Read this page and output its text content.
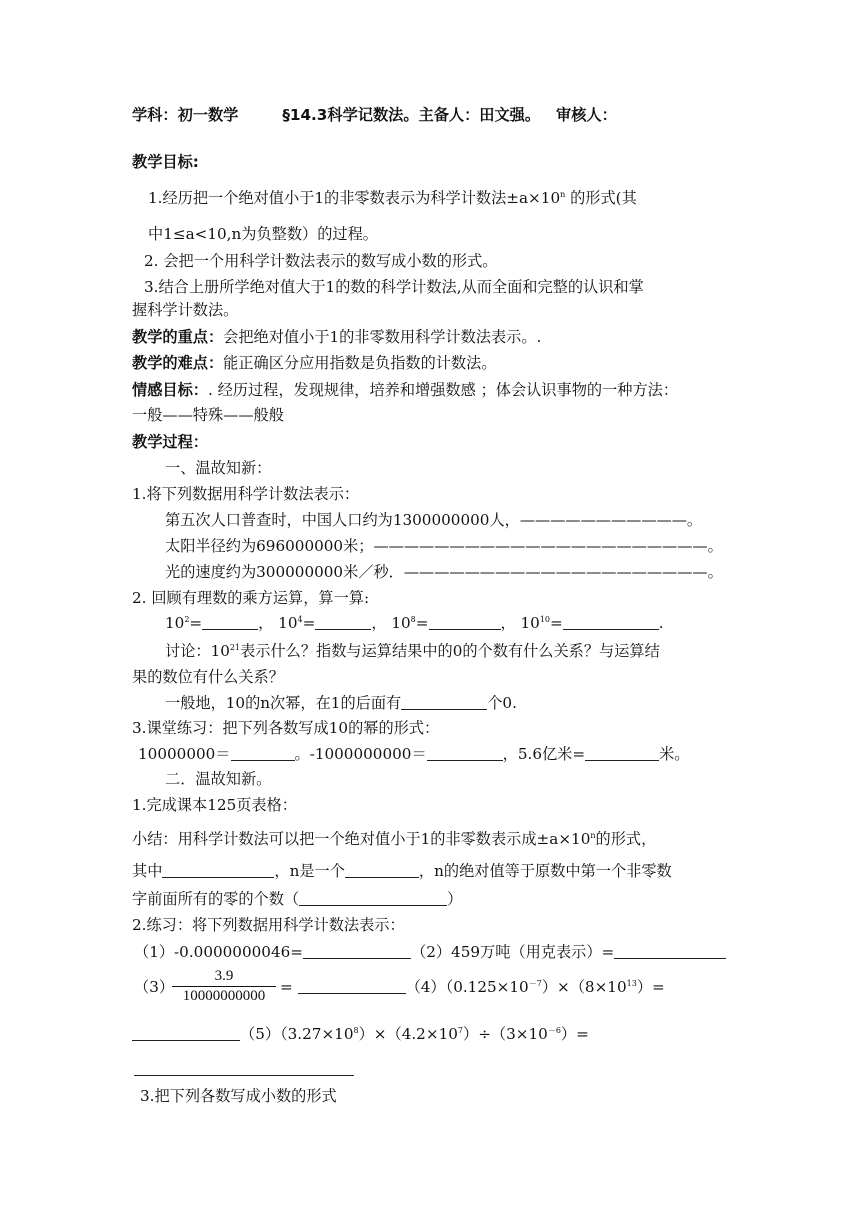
学科：初一数学	§14.3科学记数法。主备人：田文强。 审核人：
教学目标:
1.经历把一个绝对值小于1的非零数表示为科学计数法$\pm a\times 10^n$ 的形式(其
中1≤a<10,n为负整数）的过程。
2. 会把一个用科学计数法表示的数写成小数的形式。
3.结合上册所学绝对值大于1的数的科学计数法,从而全面和完整的认识和掌
握科学计数法。
教学的重点：会把绝对值小于1的非零数用科学计数法表示。.
教学的难点：能正确区分应用指数是负指数的计数法。
情感目标：. 经历过程，发现规律，培养和增强数感 ；体会认识事物的一种方法：
一般——特殊——般般
教学过程：
一、温故知新：
1.将下列数据用科学计数法表示：
第五次人口普查时，中国人口约为1300000000人，———————————。
太阳半径约为696000000米；——————————————————————。
光的速度约为300000000米／秒．————————————————————。
2. 回顾有理数的乘方运算，算一算:
$10^2=$	， $10^4=$	， $10^8=$	， $10^{10}=$	.
讨论：$10^{21}$表示什么？指数与运算结果中的0的个数有什么关系？与运算结
果的数位有什么关系？
一般地，10的n次幂，在1的后面有	个0.
3.课堂练习：把下列各数写成10的幂的形式：
10000000＝	。-1000000000＝	，5.6亿米=	米。
二．温故知新。
1.完成课本125页表格：
小结：用科学计数法可以把一个绝对值小于1的非零数表示成$\pm a\times 10^n$的形式，
其中	，n是一个	，n的绝对值等于原数中第一个非零数
字前面所有的零的个数（	）
2.练习：将下列数据用科学计数法表示：
（1）-0.0000000046=	（2）459万吨（用克表示）=
（3）
$\frac{3.9}{10000000000}$ =	$(4)(0.125\times 10^{-7})\times(8\times 10^{13})=$
$(5)(3.27\times 10^8)\times(4.2\times 10^7)\div(3\times 10^{-6})=$
3.把下列各数写成小数的形式
